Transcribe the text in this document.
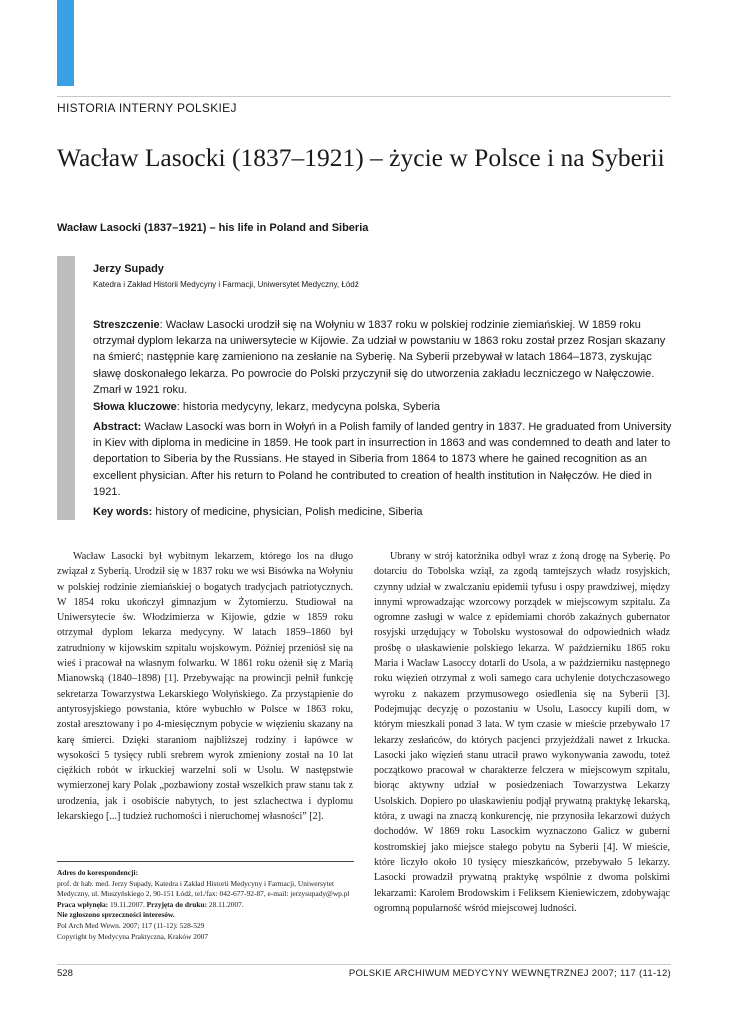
HISTORIA INTERNY POLSKIEJ
Wacław Lasocki (1837–1921) – życie w Polsce i na Syberii
Wacław Lasocki (1837–1921) – his life in Poland and Siberia
Jerzy Supady
Katedra i Zakład Historii Medycyny i Farmacji, Uniwersytet Medyczny, Łódź

Streszczenie: Wacław Lasocki urodził się na Wołyniu w 1837 roku w polskiej rodzinie ziemiańskiej. W 1859 roku otrzymał dyplom lekarza na uniwersytecie w Kijowie. Za udział w powstaniu w 1863 roku został przez Rosjan skazany na śmierć; następnie karę zamieniono na zesłanie na Syberię. Na Syberii przebywał w latach 1864–1873, zyskując sławę doskonałego lekarza. Po powrocie do Polski przyczynił się do utworzenia zakładu leczniczego w Nałęczowie. Zmarł w 1921 roku.

Słowa kluczowe: historia medycyny, lekarz, medycyna polska, Syberia

Abstract: Wacław Lasocki was born in Wołyń in a Polish family of landed gentry in 1837. He graduated from University in Kiev with diploma in medicine in 1859. He took part in insurrection in 1863 and was condemned to death and later to deportation to Siberia by the Russians. He stayed in Siberia from 1864 to 1873 where he gained recognition as an excellent physician. After his return to Poland he contributed to creation of health institution in Nałęczów. He died in 1921.

Key words: history of medicine, physician, Polish medicine, Siberia

Wacław Lasocki był wybitnym lekarzem, którego los na długo związał z Syberią. Urodził się w 1837 roku we wsi Bisówka na Wołyniu w polskiej rodzinie ziemiańskiej o bogatych tradycjach patriotycznych. W 1854 roku ukończył gimnazjum w Żytomierzu. Studiował na Uniwersytecie św. Włodzimierza w Kijowie, gdzie w 1859 roku otrzymał dyplom lekarza medycyny. W latach 1859–1860 był zatrudniony w kijowskim szpitalu wojskowym. Później przeniósł się na wieś i pracował na własnym folwarku. W 1861 roku ożenił się z Marią Mianowską (1840–1898) [1]. Przebywając na prowincji pełnił funkcję sekretarza Towarzystwa Lekarskiego Wołyńskiego. Za przystąpienie do antyrosyjskiego powstania, które wybuchło w Polsce w 1863 roku, został aresztowany i po 4-miesięcznym pobycie w więzieniu skazany na karę śmierci. Dzięki staraniom najbliższej rodziny i łapówce w wysokości 5 tysięcy rubli srebrem wyrok zmieniony został na 10 lat ciężkich robót w irkuckiej warzelni soli w Usolu. W następstwie wymierzonej kary Polak „pozbawiony został wszelkich praw stanu tak z urodzenia, jak i osobiście nabytych, to jest szlachectwa i dyplomu lekarskiego [...] tudzież ruchomości i nieruchomej własności” [2].

Ubrany w strój katorżnika odbył wraz z żoną drogę na Syberię. Po dotarciu do Tobolska wziął, za zgodą tamtejszych władz rosyjskich, czynny udział w zwalczaniu epidemii tyfusu i ospy prawdziwej, między innymi wprowadzając wzorcowy porządek w miejscowym szpitalu. Za ogromne zasługi w walce z epidemiami chorób zakaźnych gubernator rosyjski urzędujący w Tobolsku wystosował do odpowiednich władz prośbę o ułaskawienie polskiego lekarza. W październiku 1865 roku Maria i Wacław Lasoccy dotarli do Usola, a w październiku następnego roku więzień otrzymał z woli samego cara uchylenie dotychczasowego wyroku z nakazem przymusowego osiedlenia się na Syberii [3]. Podejmując decyzję o pozostaniu w Usolu, Lasoccy kupili dom, w którym mieszkali ponad 3 lata. W tym czasie w mieście przebywało 17 lekarzy zesłańców, do których pacjenci przyjeżdżali nawet z Irkucka. Lasocki jako więzień stanu utracił prawo wykonywania zawodu, toteż początkowo pracował w charakterze felczera w miejscowym szpitalu, biorąc aktywny udział w posiedzeniach Towarzystwa Lekarzy Usolskich. Dopiero po ułaskawieniu podjął prywatną praktykę lekarską, która, z uwagi na znaczą konkurencję, nie przynosiła lekarzowi dużych dochodów. W 1869 roku Lasockim wyznaczono Galicz w guberni kostromskiej jako miejsce stałego pobytu na Syberii [4]. W mieście, które liczyło około 10 tysięcy mieszkańców, przebywało 5 lekarzy. Lasocki prowadził prywatną praktykę wspólnie z dwoma polskimi lekarzami: Karolem Brodowskim i Feliksem Kieniewiczem, zdobywając ogromną popularność wśród miejscowej ludności.

Adres do korespondencji:
prof. dr hab. med. Jerzy Supady, Katedra i Zakład Historii Medycyny i Farmacji, Uniwersytet Medyczny, ul. Muszyńskiego 2, 90-151 Łódź, tel./fax: 042-677-92-87, e-mail: jerzysupady@wp.pl
Praca wpłynęła: 19.11.2007. Przyjęta do druku: 28.11.2007.
Nie zgłoszono sprzeczności interesów.
Pol Arch Med Wewn. 2007; 117 (11-12): 528-529
Copyright by Medycyna Praktyczna, Kraków 2007
528	POLSKIE ARCHIWUM MEDYCYNY WEWNĘTRZNEJ 2007; 117 (11-12)
